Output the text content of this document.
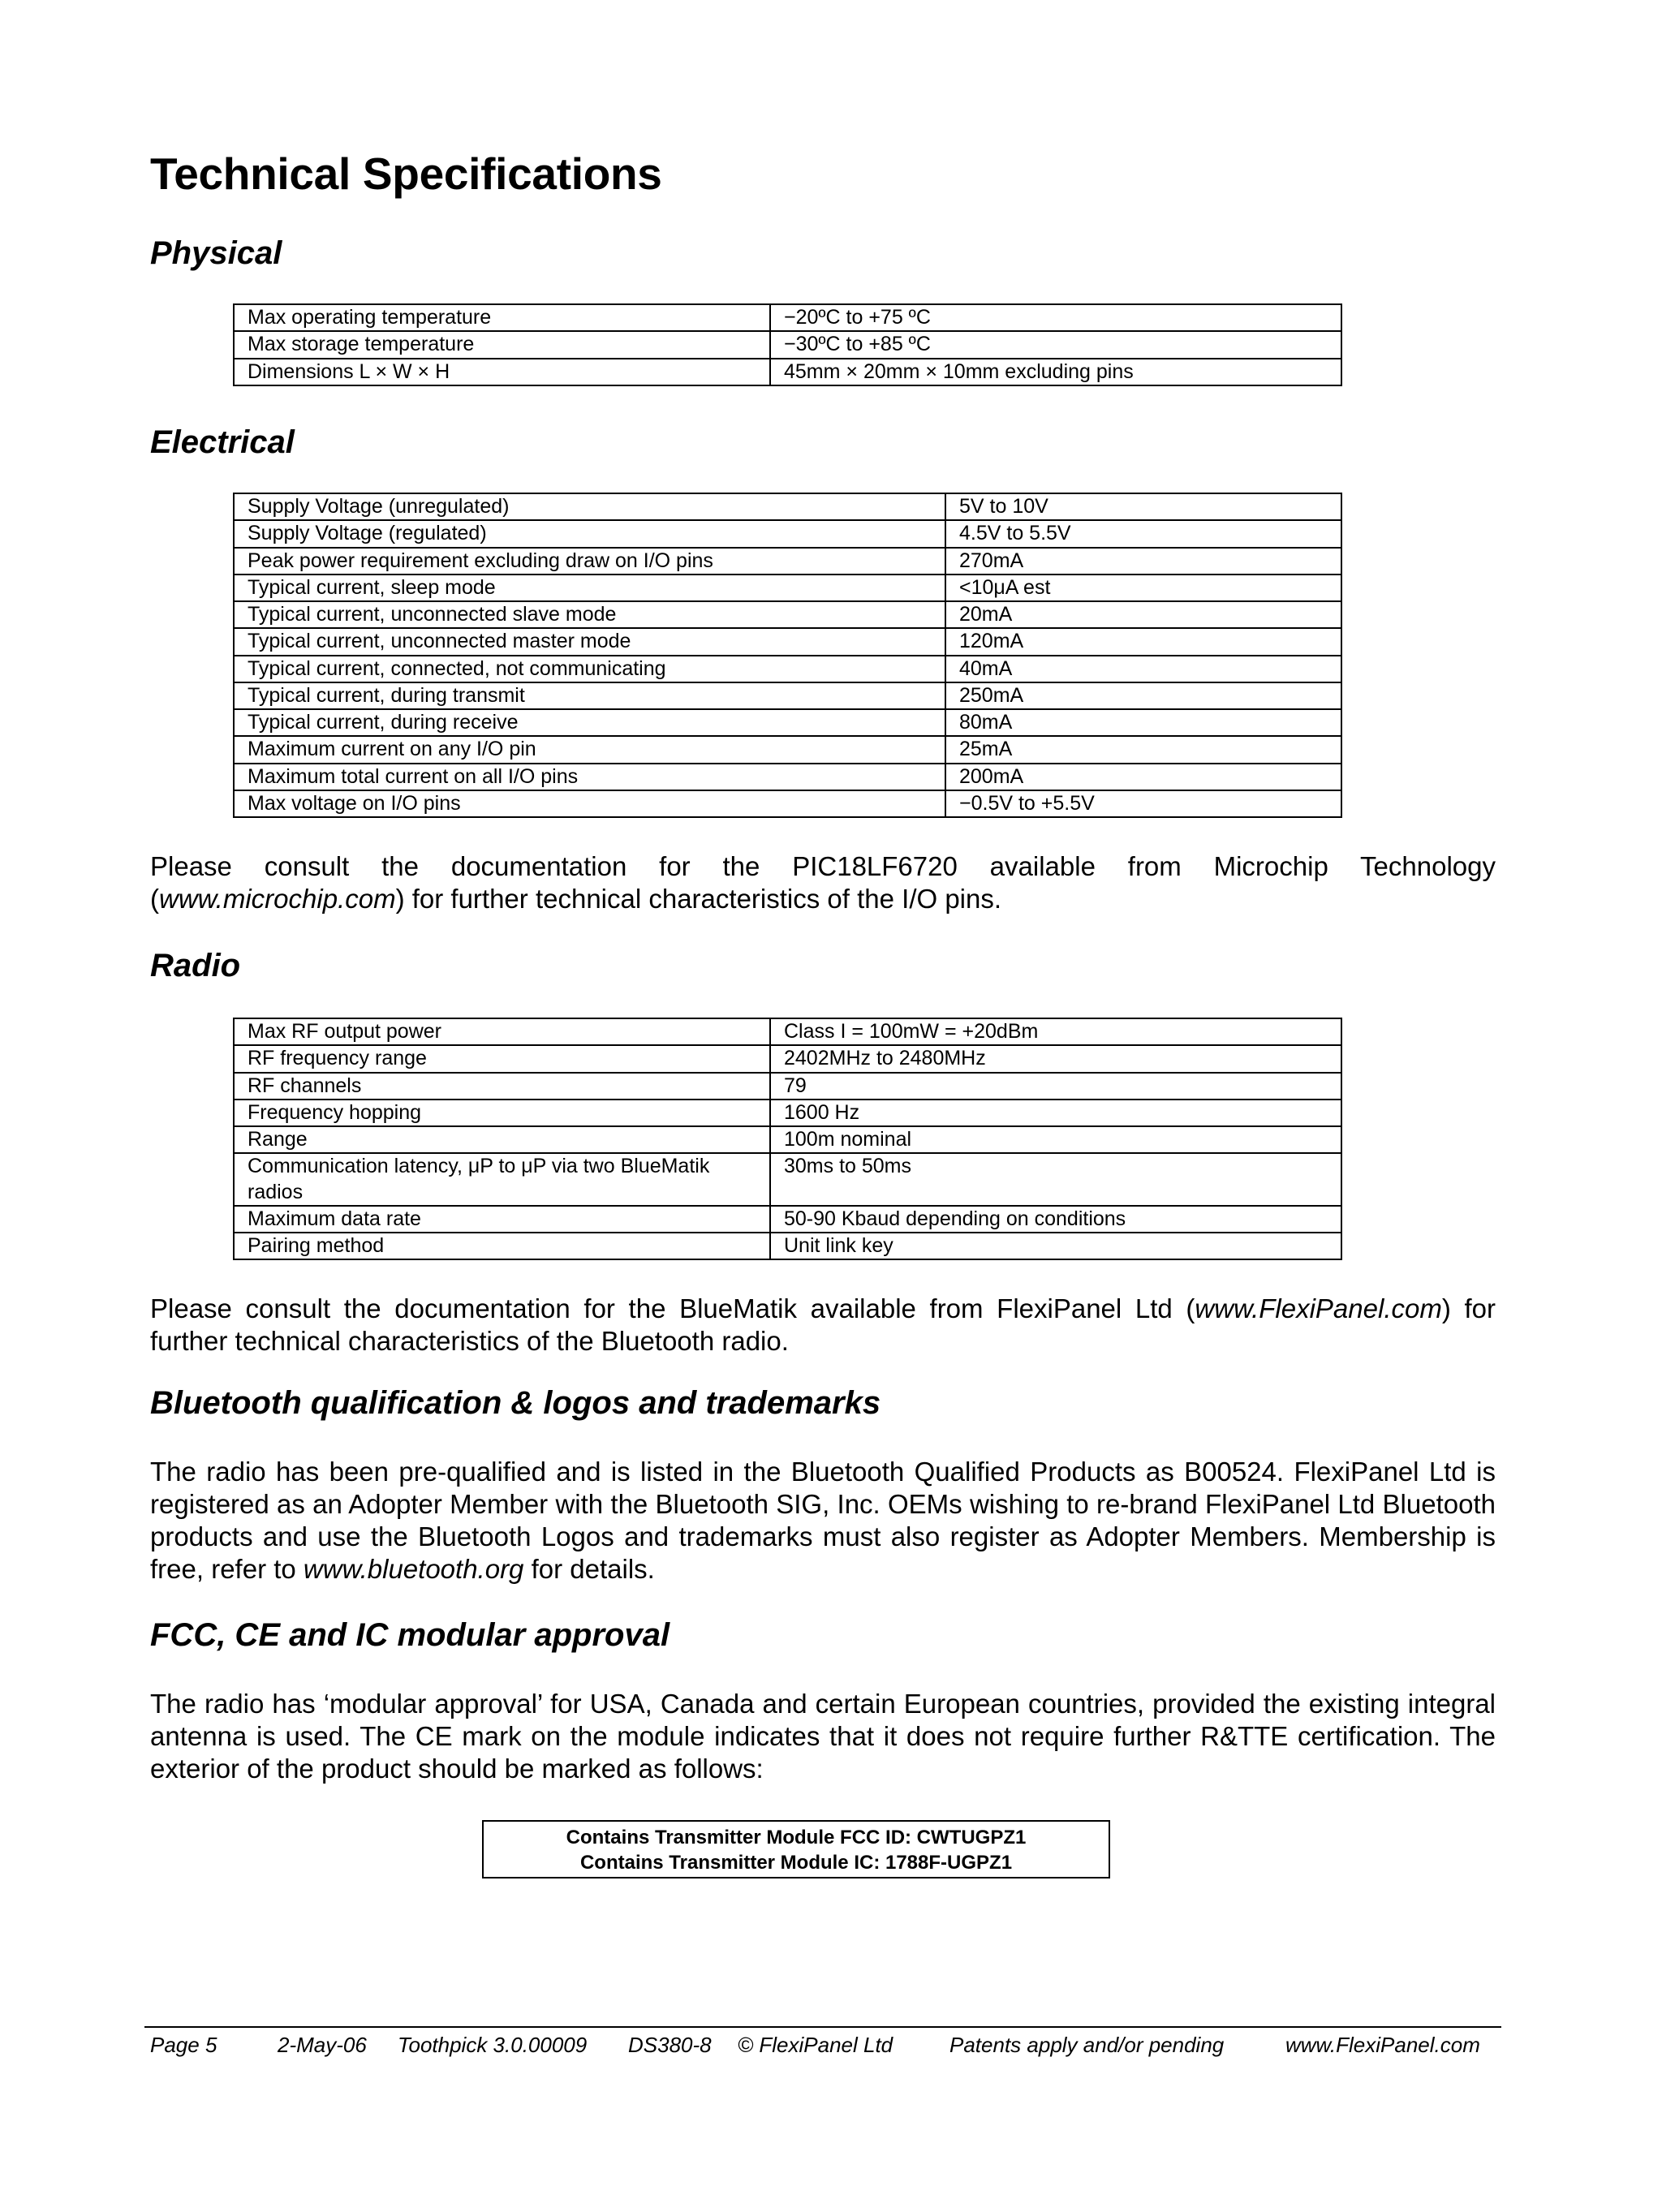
Technical Specifications
Physical
Max operating temperature	−20ºC to +75 ºC
Max storage temperature	−30ºC to +85 ºC
Dimensions L × W × H	45mm × 20mm × 10mm excluding pins
Electrical
Supply Voltage (unregulated)	5V to 10V
Supply Voltage (regulated)	4.5V to 5.5V
Peak power requirement excluding draw on I/O pins	270mA
Typical current, sleep mode	<10μA est
Typical current, unconnected slave mode	20mA
Typical current, unconnected master mode	120mA
Typical current, connected, not communicating	40mA
Typical current, during transmit	250mA
Typical current, during receive	80mA
Maximum current on any I/O pin	25mA
Maximum total current on all I/O pins	200mA
Max voltage on I/O pins	−0.5V to +5.5V

Please consult the documentation for the PIC18LF6720 available from Microchip Technology (www.microchip.com) for further technical characteristics of the I/O pins.

Radio
Max RF output power	Class I = 100mW = +20dBm
RF frequency range	2402MHz to 2480MHz
RF channels	79
Frequency hopping	1600 Hz
Range	100m nominal
Communication latency, μP to μP via two BlueMatik radios	30ms to 50ms
Maximum data rate	50-90 Kbaud depending on conditions
Pairing method	Unit link key

Please consult the documentation for the BlueMatik available from FlexiPanel Ltd (www.FlexiPanel.com) for further technical characteristics of the Bluetooth radio.

Bluetooth qualification & logos and trademarks

The radio has been pre-qualified and is listed in the Bluetooth Qualified Products as B00524. FlexiPanel Ltd is registered as an Adopter Member with the Bluetooth SIG, Inc. OEMs wishing to re-brand FlexiPanel Ltd Bluetooth products and use the Bluetooth Logos and trademarks must also register as Adopter Members. Membership is free, refer to www.bluetooth.org for details.

FCC, CE and IC modular approval

The radio has ‘modular approval’ for USA, Canada and certain European countries, provided the existing integral antenna is used. The CE mark on the module indicates that it does not require further R&TTE certification. The exterior of the product should be marked as follows:

Contains Transmitter Module FCC ID: CWTUGPZ1
Contains Transmitter Module IC: 1788F-UGPZ1
Page 5	2-May-06 Toothpick 3.0.00009 DS380-8 © FlexiPanel Ltd	Patents apply and/or pending	www.FlexiPanel.com
